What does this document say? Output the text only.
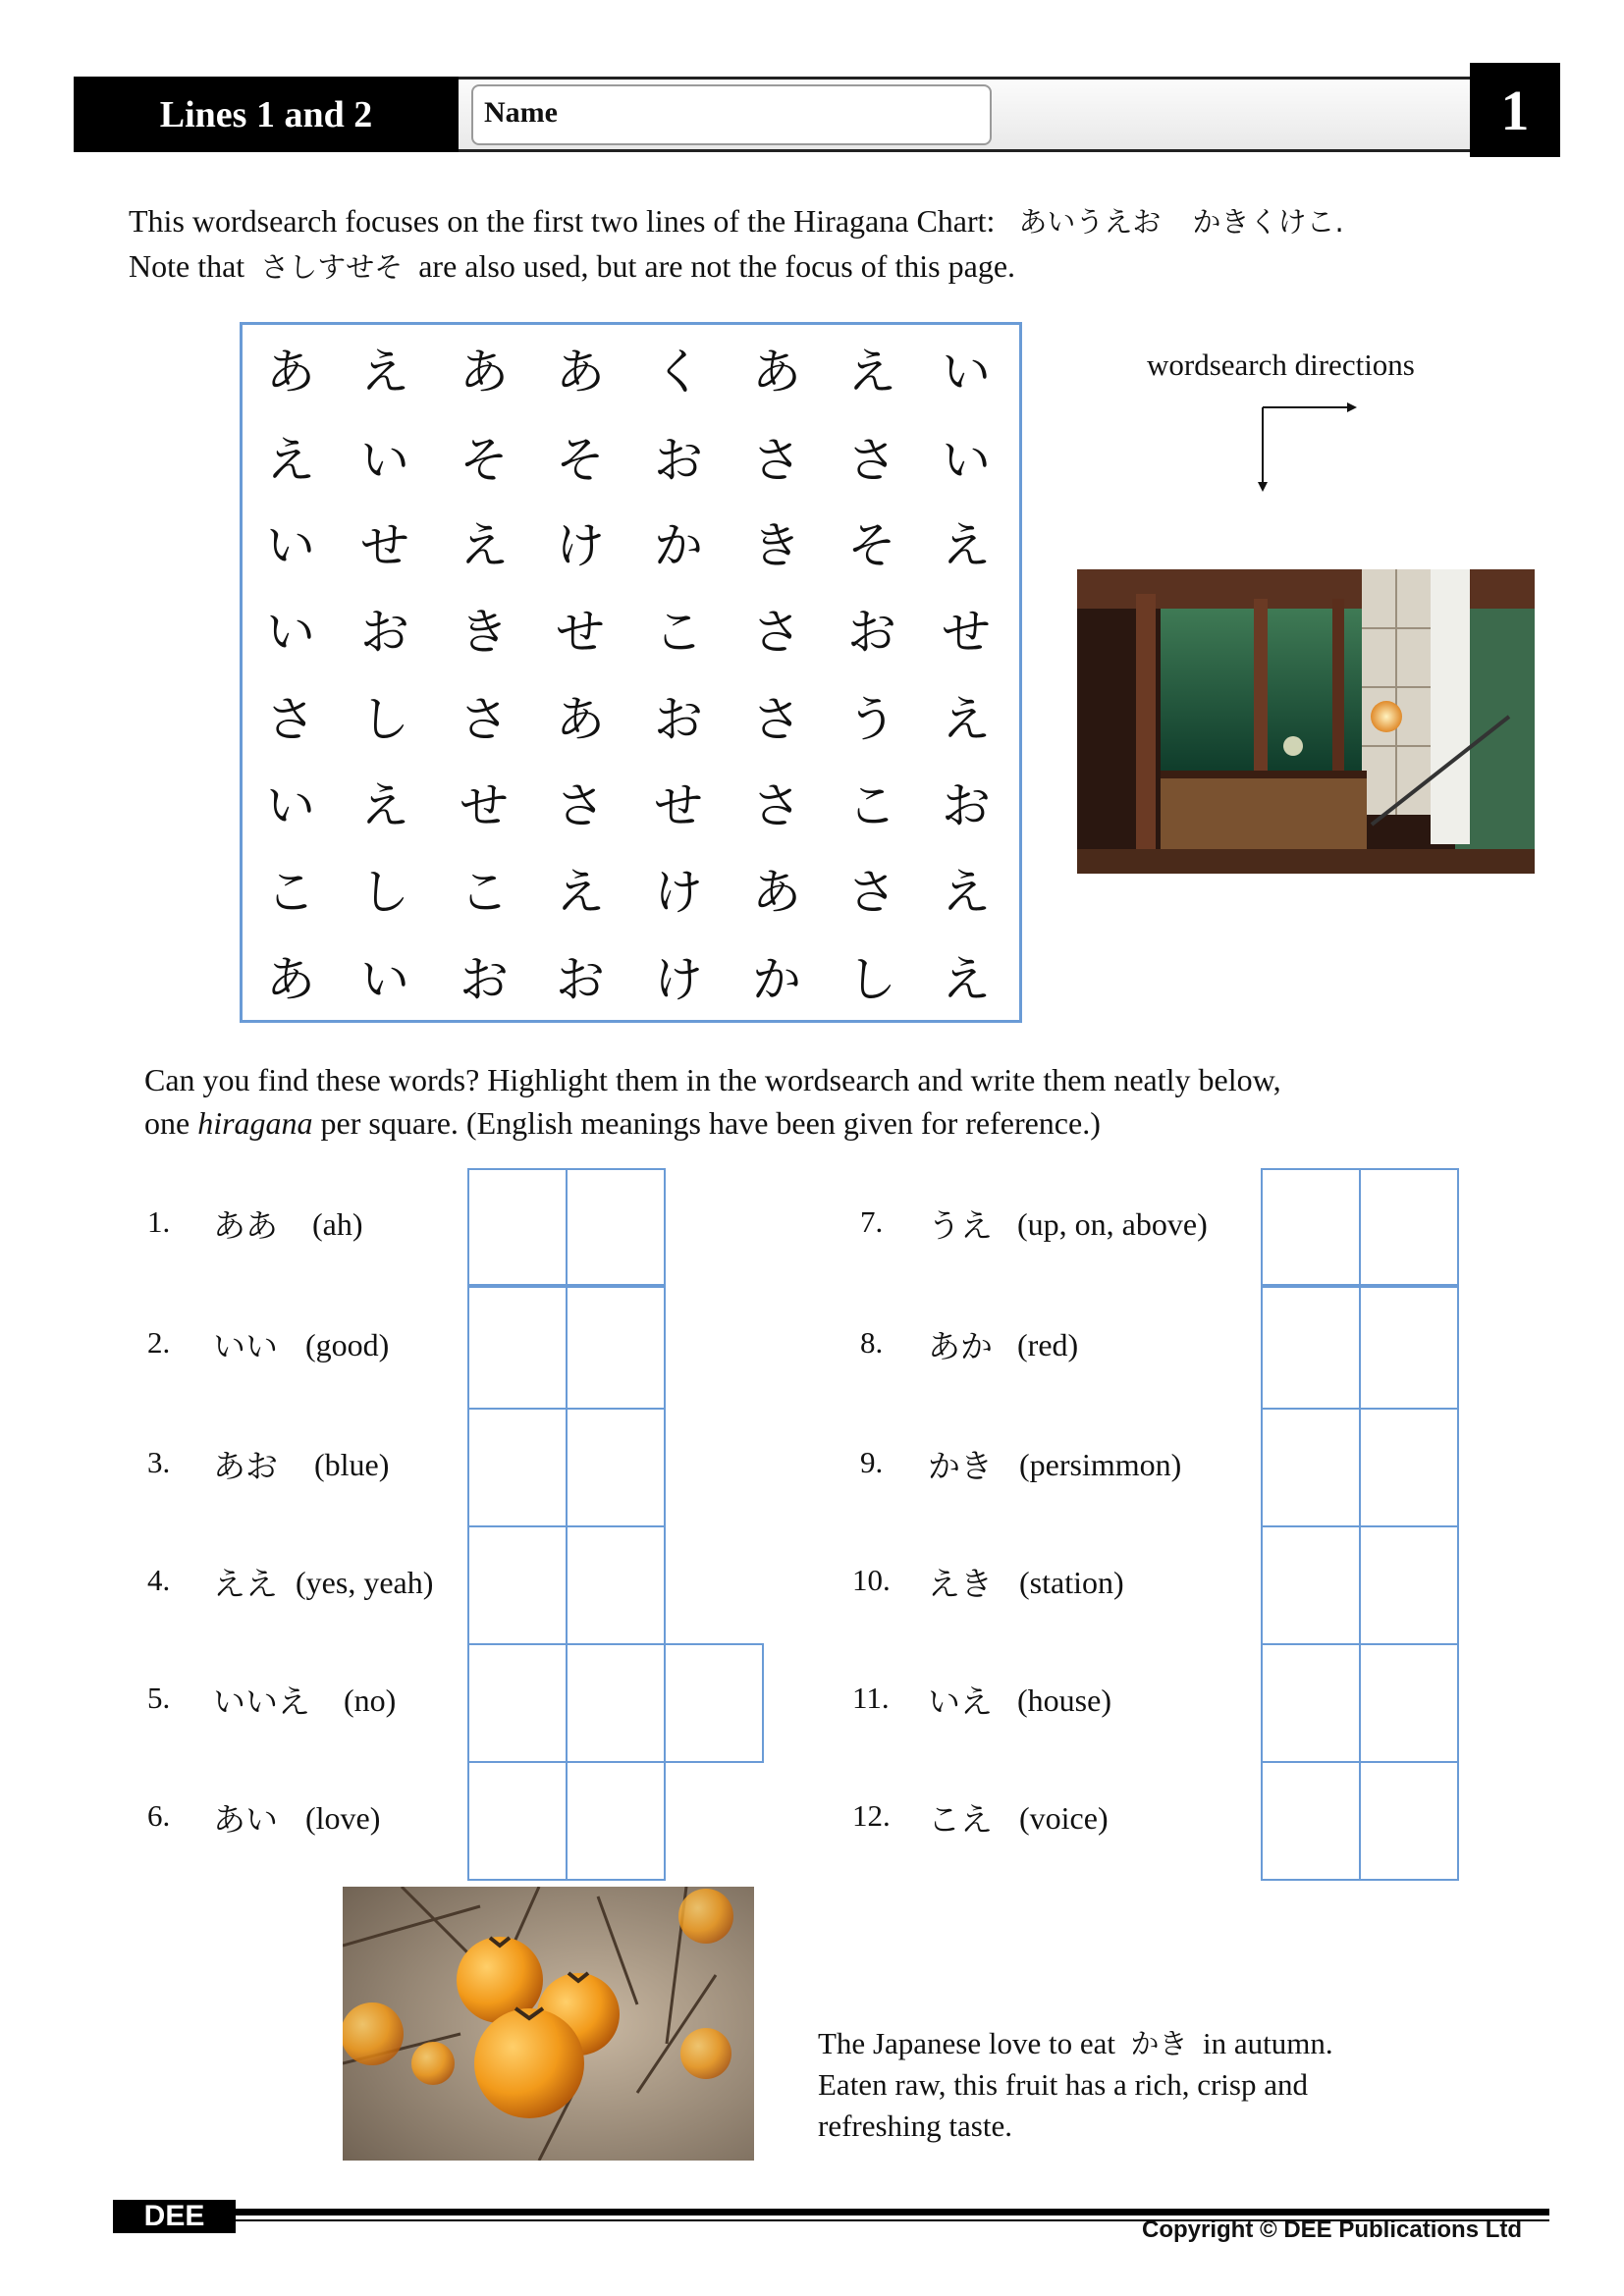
Lines 1 and 2	Name	1
This wordsearch focuses on the first two lines of the Hiragana Chart: あいうえお かきくけこ.
Note that さしすせそ are also used, but are not the focus of this page.
あ え	あ あ	く	あ え い
え い	そ そ	お	さ さ い
い せ	え け	か	き そ え
い お	き せ	こ	さ お せ
さ し	さ あ	お	さ う え
い え	せ さ	せ	さ こ お
こ し	こ え	け	あ さ え
あ い	お お	け	か し え
wordsearch directions
Can you find these words? Highlight them in the wordsearch and write them neatly below,
one hiragana per square. (English meanings have been given for reference.)
1. ああ (ah)
2. いい (good)
3. あお (blue)
4. ええ (yes, yeah)
5. いいえ (no)
6. あい (love)
7. うえ (up, on, above)
8. あか (red)
9. かき (persimmon)
10. えき (station)
11. いえ (house)
12. こえ (voice)
The Japanese love to eat かき in autumn.
Eaten raw, this fruit has a rich, crisp and
refreshing taste.
DEE	Copyright © DEE Publications Ltd
